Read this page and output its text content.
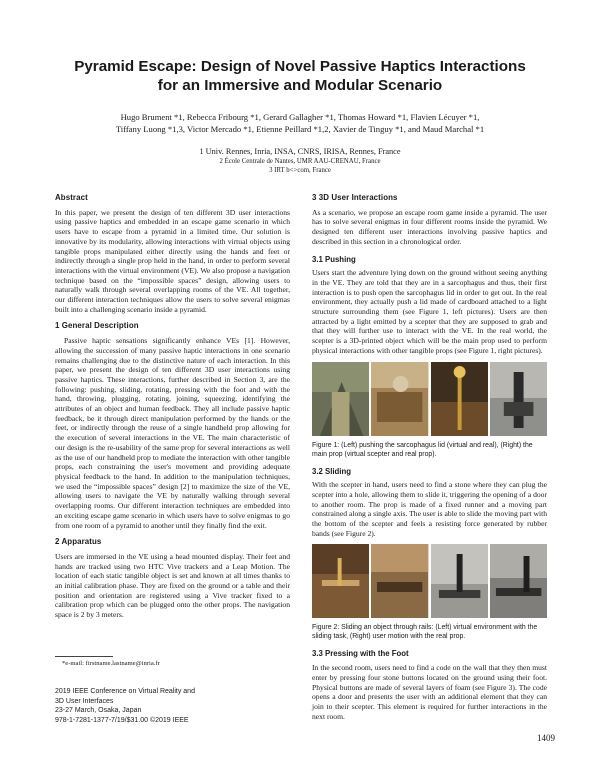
Pyramid Escape: Design of Novel Passive Haptics Interactions
for an Immersive and Modular Scenario
Hugo Brument *1, Rebecca Fribourg *1, Gerard Gallagher *1, Thomas Howard *1, Flavien Lécuyer *1,
Tiffany Luong *1,3, Victor Mercado *1, Etienne Peillard *1,2, Xavier de Tinguy *1, and Maud Marchal *1
1 Univ. Rennes, Inria, INSA, CNRS, IRISA, Rennes, France
2 École Centrale de Nantes, UMR AAU-CRENAU, France
3 IRT b<>com, France
Abstract

In this paper, we present the design of ten different 3D user interactions using passive haptics and embedded in an escape game scenario in which users have to escape from a pyramid in a limited time. Our solution is innovative by its modularity, allowing interactions with virtual objects using tangible props manipulated either directly using the hands and feet or indirectly through a single prop held in the hand, in order to perform several interactions with the virtual environment (VE). We also propose a navigation technique based on the “impossible spaces” design, allowing users to naturally walk through several overlapping rooms of the VE. All together, our different interaction techniques allow the users to solve several enigmas built into a challenging scenario inside a pyramid.

1 General Description

Passive haptic sensations significantly enhance VEs [1]. However, allowing the succession of many passive haptic interactions in one scenario remains challenging due to the distinctive nature of each interaction. In this paper, we present the design of ten different 3D user interactions using passive haptics. These interactions, further described in Section 3, are the following: pushing, sliding, rotating, pressing with the foot and with the hand, throwing, plugging, rotating, joining, squeezing, identifying the attributes of an object and human feedback. They all include passive haptic feedback, be it through direct manipulation performed by the hands or the feet, or indirectly through the reuse of a single handheld prop allowing for the execution of several interactions in the VE. The main characteristic of our design is the re-usability of the same prop for several interactions as well as the use of our handheld prop to mediate the interaction with other tangible props, each constraining the user's movement and providing adequate physical feedback to the hand. In addition to the manipulation techniques, we used the “impossible spaces” design [2] to maximize the size of the VE, allowing users to navigate the VE by naturally walking through several overlapping rooms. Our different interaction techniques are embedded into an exciting escape game scenario in which users have to solve enigmas to go from one room of a pyramid to another until they finally find the exit.

2 Apparatus

Users are immersed in the VE using a head mounted display. Their feet and hands are tracked using two HTC Vive trackers and a Leap Motion. The location of each static tangible object is set and known at all times thanks to an initial calibration phase. They are fixed on the ground or a table and their position and orientation are registered using a Vive tracker fixed to a calibration prop which can be plugged onto the other props. The navigation space is 2 by 3 meters.

*e-mail: firstname.lastname@inria.fr
2019 IEEE Conference on Virtual Reality and
3D User Interfaces
23-27 March, Osaka, Japan
978-1-7281-1377-7/19/$31.00 ©2019 IEEE
1409
3 3D User Interactions

As a scenario, we propose an escape room game inside a pyramid. The user has to solve several enigmas in four different rooms inside the pyramid. We designed ten different user interactions involving passive haptics and described in this section in a chronological order.

3.1 Pushing

Users start the adventure lying down on the ground without seeing anything in the VE. They are told that they are in a sarcophagus and thus, their first interaction is to push open the sarcophagus lid in order to get out. In the real environment, they actually push a lid made of cardboard attached to a light structure surrounding them (see Figure 1, left pictures). Users are then attracted by a light emitted by a scepter that they are supposed to grab and that they will further use to interact with the VE. In the real world, the scepter is a 3D-printed object which will be the main prop used to perform physical interactions with other tangible props (see Figure 1, right pictures).

Figure 1: (Left) pushing the sarcophagus lid (virtual and real), (Right) the main prop (virtual scepter and real prop).

3.2 Sliding

With the scepter in hand, users need to find a stone where they can plug the scepter into a hole, allowing them to slide it, triggering the opening of a door to another room. The prop is made of a fixed runner and a moving part constrained along a single axis. The user is able to slide the moving part with the bottom of the scepter and feels a resisting force generated by rubber bands (see Figure 2).

Figure 2: Sliding an object through rails: (Left) virtual environment with the sliding task, (Right) user motion with the real prop.

3.3 Pressing with the Foot

In the second room, users need to find a code on the wall that they then must enter by pressing four stone buttons located on the ground using their foot. Physical buttons are made of several layers of foam (see Figure 3). The code opens a door and presents the user with an additional element that they can join to their scepter. This element is required for further interactions in the next room.
